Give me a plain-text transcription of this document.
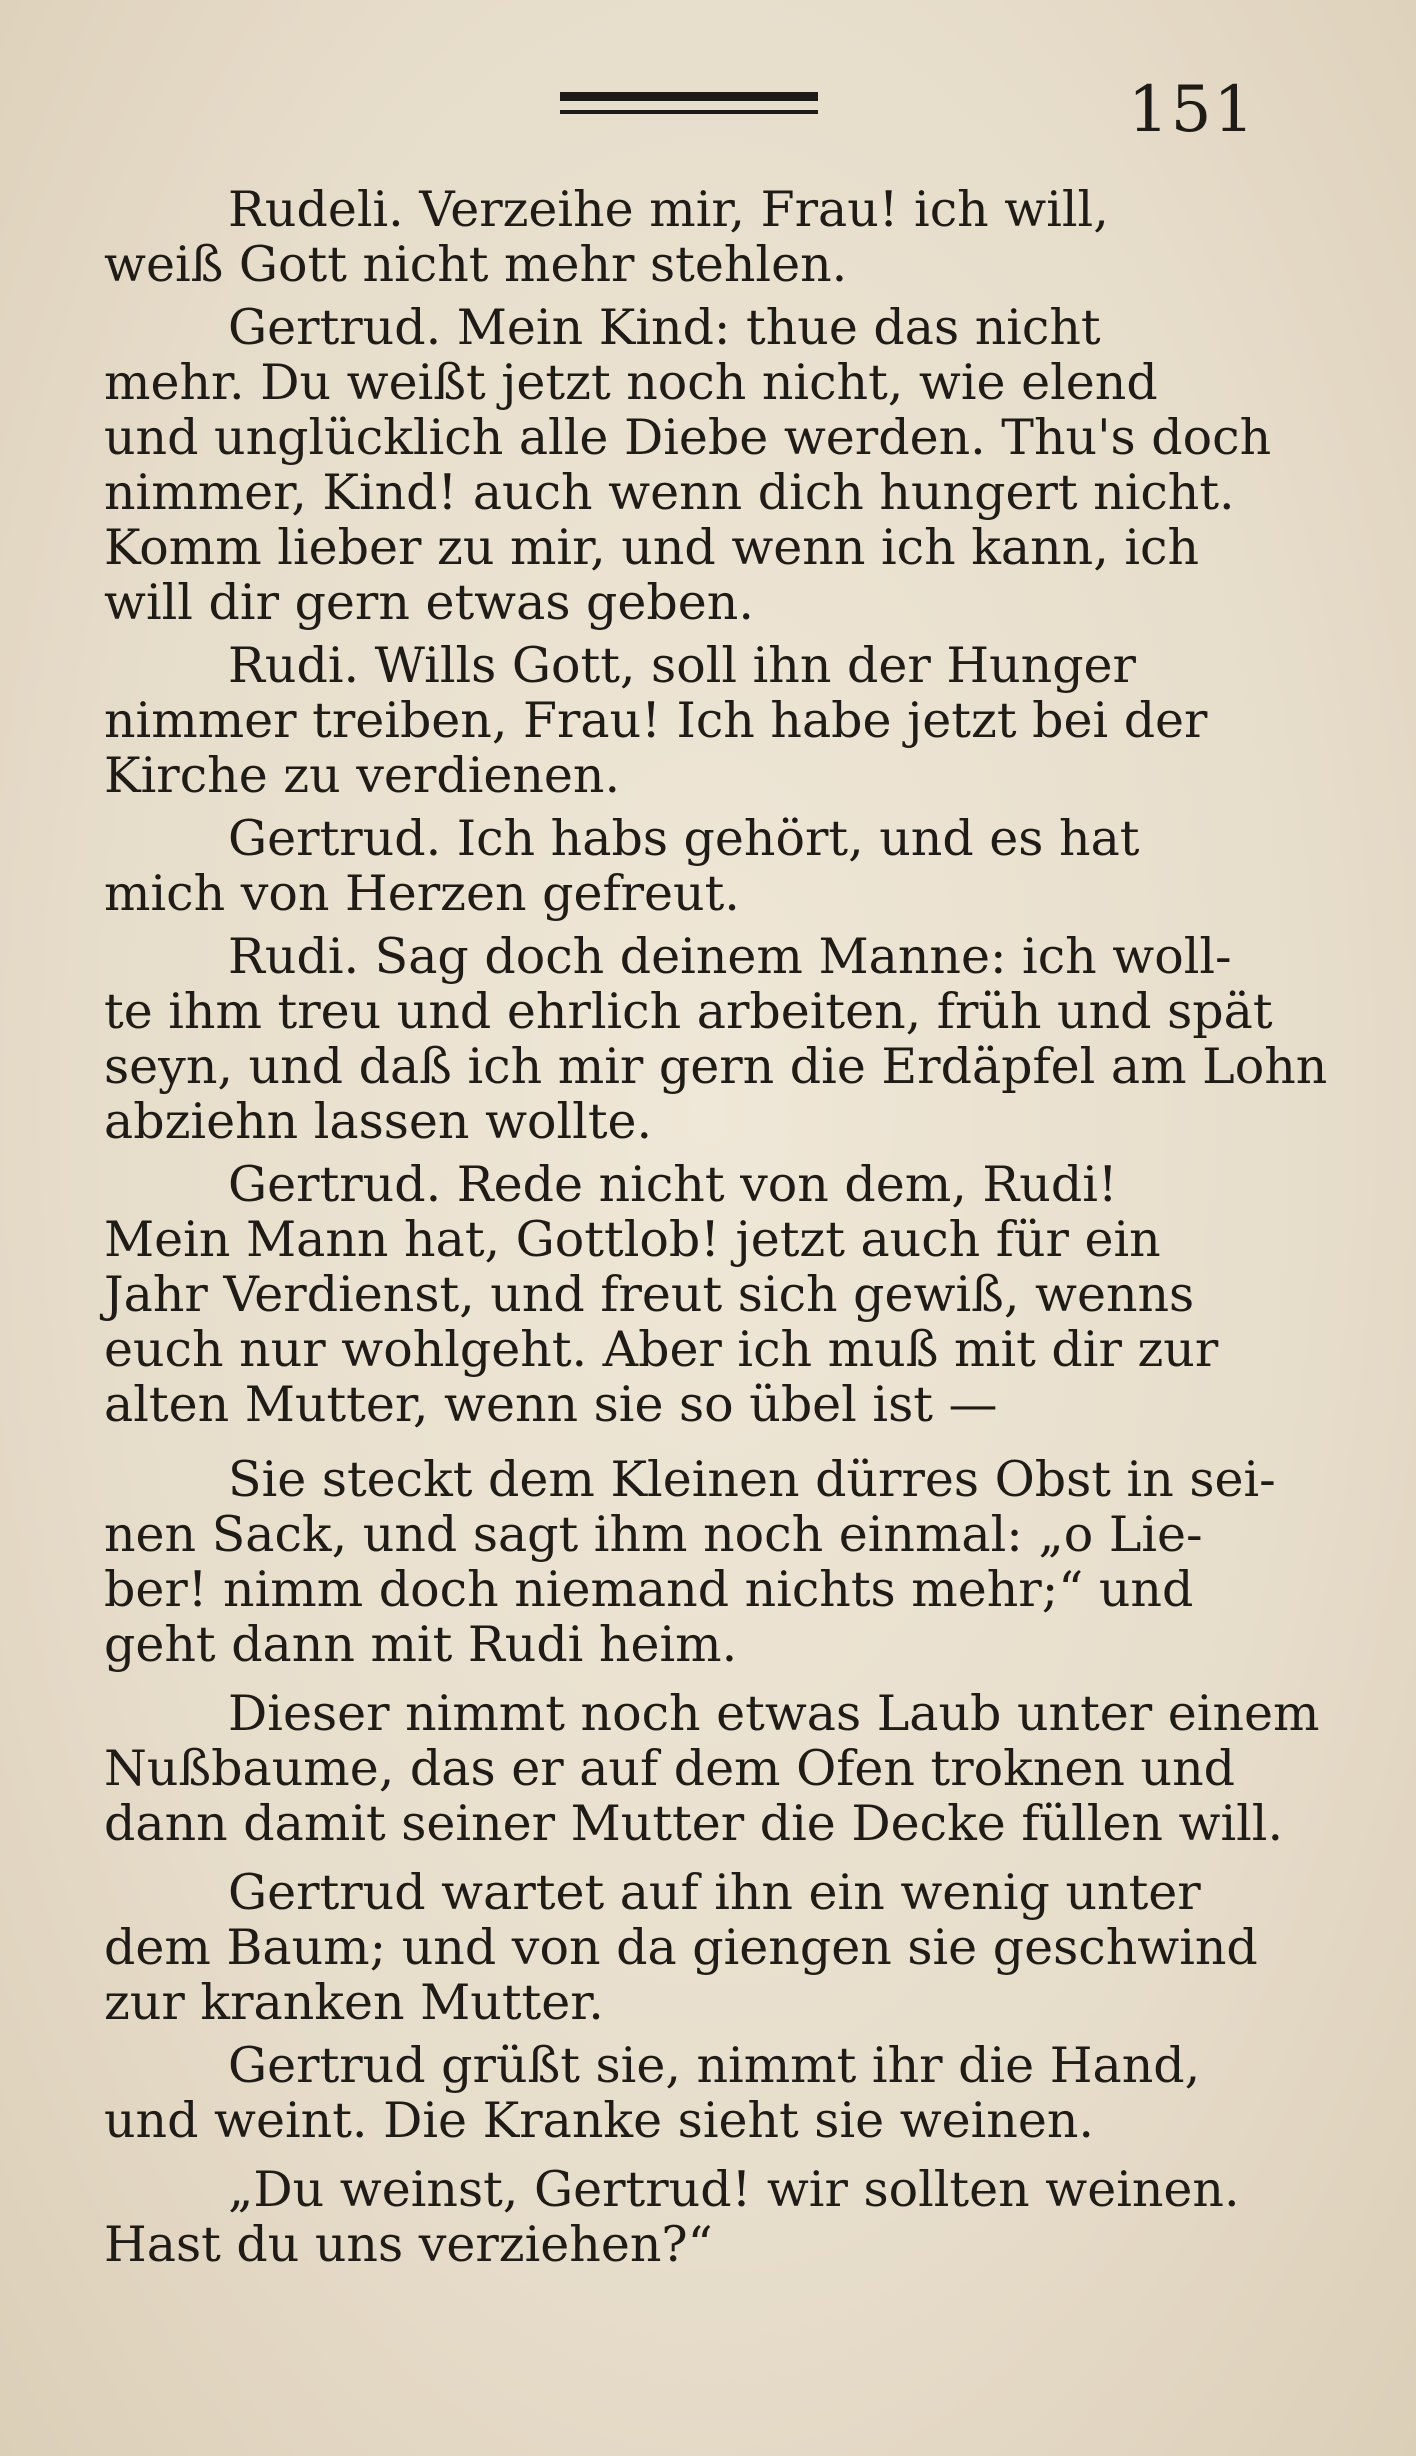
151
Rudeli. Verzeihe mir, Frau! ich will,
weiß Gott nicht mehr stehlen.
Gertrud. Mein Kind: thue das nicht
mehr. Du weißt jetzt noch nicht, wie elend
und unglücklich alle Diebe werden. Thu's doch
nimmer, Kind! auch wenn dich hungert nicht.
Komm lieber zu mir, und wenn ich kann, ich
will dir gern etwas geben.
Rudi. Wills Gott, soll ihn der Hunger
nimmer treiben, Frau! Ich habe jetzt bei der
Kirche zu verdienen.
Gertrud. Ich habs gehört, und es hat
mich von Herzen gefreut.
Rudi. Sag doch deinem Manne: ich woll-
te ihm treu und ehrlich arbeiten, früh und spät
seyn, und daß ich mir gern die Erdäpfel am Lohn
abziehn lassen wollte.
Gertrud. Rede nicht von dem, Rudi!
Mein Mann hat, Gottlob! jetzt auch für ein
Jahr Verdienst, und freut sich gewiß, wenns
euch nur wohlgeht. Aber ich muß mit dir zur
alten Mutter, wenn sie so übel ist —
Sie steckt dem Kleinen dürres Obst in sei-
nen Sack, und sagt ihm noch einmal: „o Lie-
ber! nimm doch niemand nichts mehr;“ und
geht dann mit Rudi heim.
Dieser nimmt noch etwas Laub unter einem
Nußbaume, das er auf dem Ofen troknen und
dann damit seiner Mutter die Decke füllen will.
Gertrud wartet auf ihn ein wenig unter
dem Baum; und von da giengen sie geschwind
zur kranken Mutter.
Gertrud grüßt sie, nimmt ihr die Hand,
und weint. Die Kranke sieht sie weinen.
„Du weinst, Gertrud! wir sollten weinen.
Hast du uns verziehen?“
